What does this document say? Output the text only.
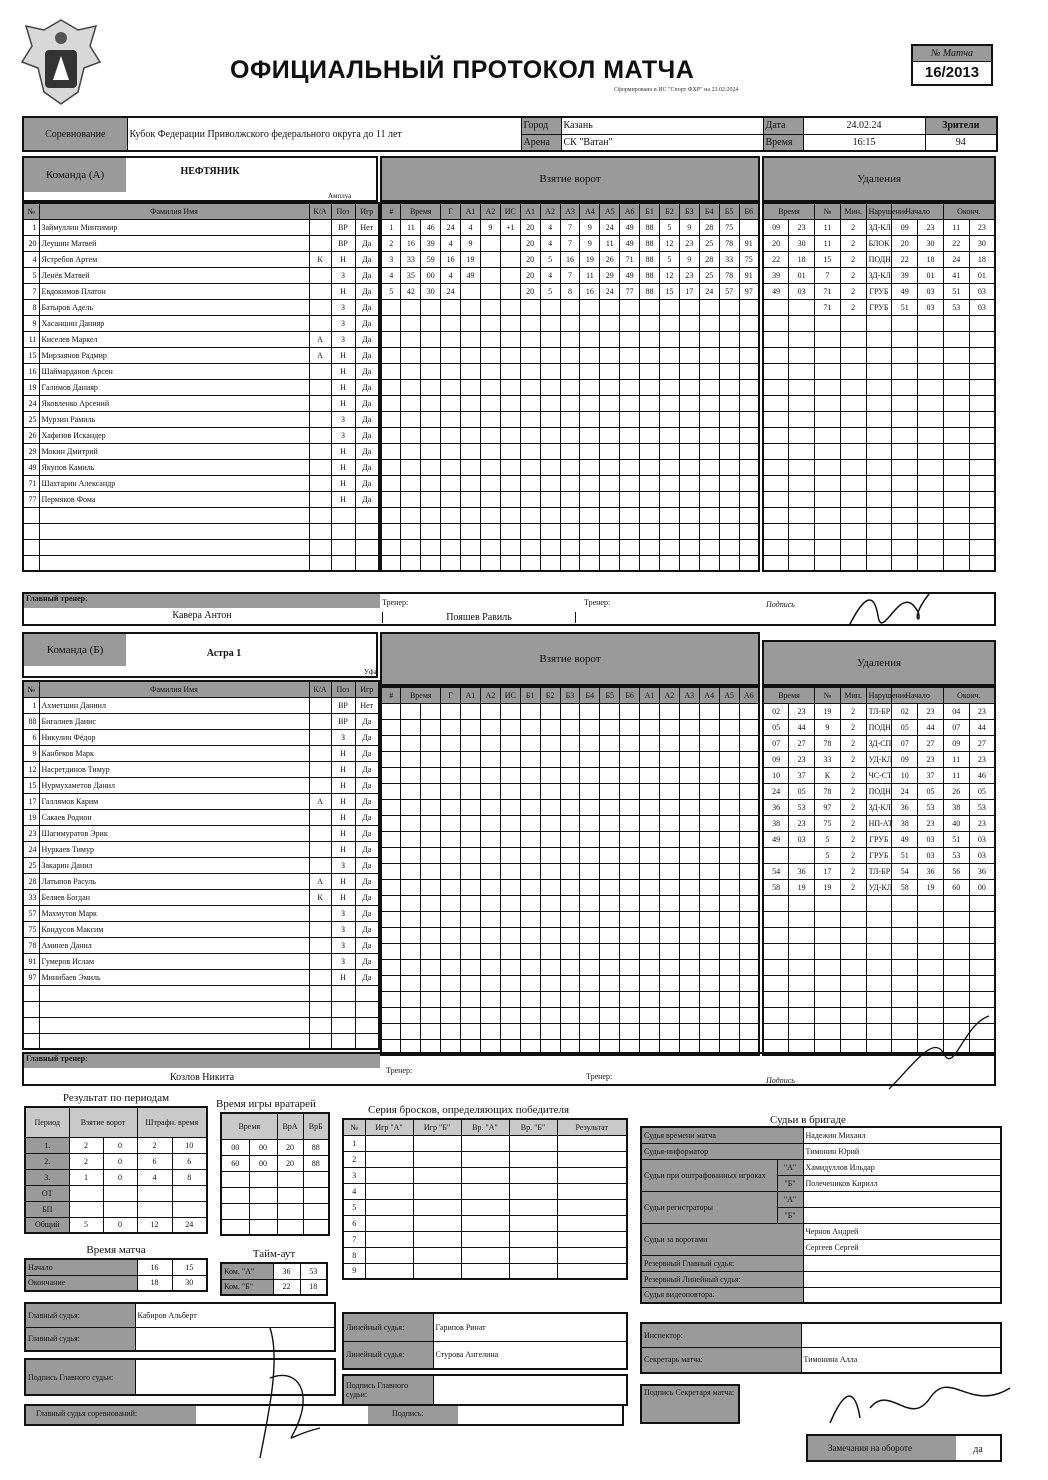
ОФИЦИАЛЬНЫЙ ПРОТОКОЛ МАТЧА
Сформировано в ИС "Спорт ФХР" на 23.02.2024
№ Матча
16/2013
Соревнование	Кубок Федерации Приволжского федерального округа до 11 лет	Город	Казань	Дата	24.02.24	Зрители
		Арена	СК "Ватан"	Время	16:15	94
Команда (А)	НЕФТЯНИК
Амплуа
Взятие ворот	Удаления
№	Фамилия Имя	К/А	Поз	Игр
1	Займуллин Минтимир		ВР	Нет
20	Леушин Матвей		ВР	Да
4	Ястребов Артем	К	Н	Да
5	Ленёв Матвей		З	Да
7	Евдокимов Платон		Н	Да
8	Батыров Адель		З	Да
9	Хасаншин Данияр		З	Да
11	Киселев Маркел	А	З	Да
15	Мирзаянов Радмир	А	Н	Да
16	Шаймарданов Арсен		Н	Да
19	Галимов Данияр		Н	Да
24	Яковленко Арсений		Н	Да
25	Мурзин Рамиль		З	Да
26	Хафизов Искандер		З	Да
29	Мокин Дмитрий		Н	Да
49	Якупов Камиль		Н	Да
71	Шахтарин Александр		Н	Да
77	Пермяков Фома		Н	Да

#	Время		Г	А1	А2	ИС	А1	А2	А3	А4	А5	А6	Б1	Б2	Б3	Б4	Б5	Б6
1	11	46	24	4	9	+1	20	4	7	9	24	49	88	5	9	28	75	
2	16	39	4	9			20	4	7	9	11	49	88	12	23	25	78	91
3	33	59	16	19			20	5	16	19	26	71	88	5	9	28	33	75
4	35	00	4	49			20	4	7	11	29	49	88	12	23	25	78	91
5	42	30	24				20	5	8	16	24	77	88	15	17	24	57	97

Время		№	Мин.	Нарушение	Начало		Оконч.	
09	23	11	2	ЗД-КЛ	09	23	11	23
20	30	11	2	БЛОК	20	30	22	30
22	18	15	2	ПОДН	22	18	24	18
39	01	7	2	ЗД-КЛ	39	01	41	01
49	03	71	2	ГРУБ	49	03	51	03
		71	2	ГРУБ	51	03	53	03

Главный тренер:
Кавера Антон
Тренер:
Пояшев Равиль
Тренер:	Подпись
Команда (Б)	Астра 1
Уфа
Взятие ворот	Удаления
№	Фамилия Имя	К/А	Поз	Игр
1	Ахметшин Даниил		ВР	Нет
88	Бигалиев Данис		ВР	Да
6	Никулин Фёдор		З	Да
9	Канбеков Марк		Н	Да
12	Насретдинов Тимур		Н	Да
15	Нурмухаметов Данил		Н	Да
17	Галлямов Карим	А	Н	Да
19	Сакаев Родион		Н	Да
23	Шагимуратов Эрик		Н	Да
24	Нуркаев Тимур		Н	Да
25	Закарин Данил		З	Да
28	Латыпов Расуль	А	Н	Да
33	Беляев Богдан	К	Н	Да
57	Махмутов Марк		З	Да
75	Кондусов Максим		З	Да
78	Аминев Данил		З	Да
91	Гумеров Ислам		З	Да
97	Минибаев Эмиль		Н	Да

#	Время		Г	А1	А2	ИС	Б1	Б2	Б3	Б4	Б5	Б6	А1	А2	А3	А4	А5	А6

																			Время		№	Мин.	Нарушение	Начало		Оконч.	
02	23	19	2	ТЛ-БР	02	23	04	23
05	44	9	2	ПОДН	05	44	07	44
07	27	78	2	ЗД-СП	07	27	09	27
09	23	33	2	УД-КЛ	09	23	11	23
10	37	К	2	ЧС-СТ	10	37	11	46
24	05	78	2	ПОДН	24	05	26	05
36	53	97	2	ЗД-КЛ	36	53	38	53
38	23	75	2	НП-АТ	38	23	40	23
49	03	5	2	ГРУБ	49	03	51	03
		5	2	ГРУБ	51	03	53	03
54	36	17	2	ТЛ-БР	54	36	56	36
58	19	19	2	УД-КЛ	58	19	60	00

Главный тренер:
Козлов Никита
Тренер:
Тренер:	Подпись
Результат по периодам
Период	Взятие ворот		Штрафн. время	
1.	2	0	2	10
2.	2	0	6	6
3.	1	0	4	8
ОТ				
БП				
Общий	5	0	12	24
Время игры вратарей
Время		ВрА	ВрБ
00	00	20	88
60	00	20	88

Время матча
Начало	16	15
Окончание	18	30
Тайм-аут
Ком. "А"	36	53
Ком. "Б"	22	18
Серия бросков, определяющих победителя
№	Игр "А"	Игр "Б"	Вр. "А"	Вр. "Б"	Результат
1					
2					
3					
4					
5					
6					
7					
8					
9					
Судьи в бригаде
Судья времени матча		Надежин Михаил
Судья-информатор		Тимонин Юрий
Судьи при оштрафованных игроках	"А"	Хамидуллов Ильдар
	"Б"	Полечеников Кирилл
Судьи регистраторы	"А"	
	"Б"	
Судьи за воротами		Чернов Андрей
		Сергеев Сергей
Резервный Главный судья:		
Резервный Линейный судья:		
Судья видеоповтора:		
Инспектор:	
Секретарь матча:	Тимонина Алла
Подпись Секретаря матча:
Замечания на обороте	да
Главный судья:	Кабиров Альберт
Главный судья:	
Линейный судья:	Гарипов Ринат
Линейный судья:	Стурова Ангелина
Подпись Главного судьи:	
Подпись Главного судьи:	
Главный судья соревнований:	Подпись:
